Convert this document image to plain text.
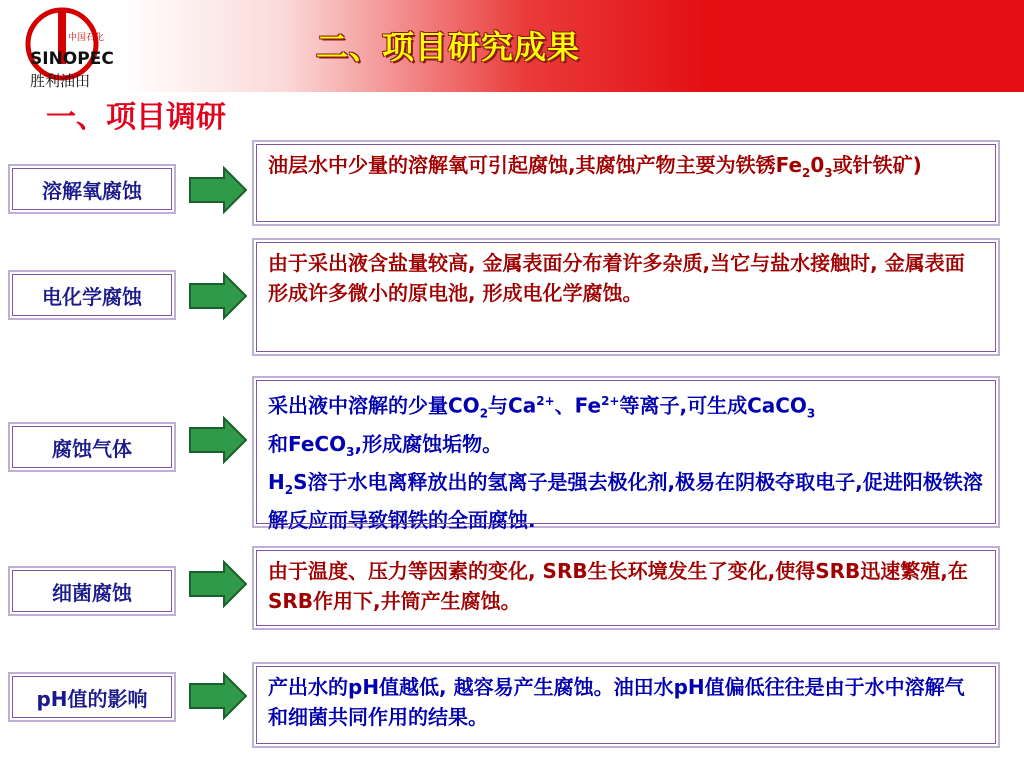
中国石化
SINOPEC
胜利油田
二、项目研究成果
一、项目调研
溶解氧腐蚀
油层水中少量的溶解氧可引起腐蚀,其腐蚀产物主要为铁锈$Fe_20_3$或针铁矿)
电化学腐蚀
由于采出液含盐量较高, 金属表面分布着许多杂质,当它与盐水接触时, 金属表面形成许多微小的原电池, 形成电化学腐蚀。
腐蚀气体
采出液中溶解的少量$CO_2$与$Ca^{2+}$、$Fe^{2+}$等离子,可生成CaCO$_3$
和FeCO$_3$,形成腐蚀垢物。
$H_2S$溶于水电离释放出的氢离子是强去极化剂,极易在阴极夺取电子,促进阳极铁溶解反应而导致钢铁的全面腐蚀.
细菌腐蚀
由于温度、压力等因素的变化, SRB生长环境发生了变化,使得SRB迅速繁殖,在SRB作用下,井筒产生腐蚀。
pH值的影响	产出水的pH值越低, 越容易产生腐蚀。油田水pH值偏低往往是由于水中溶解气和细菌共同作用的结果。
